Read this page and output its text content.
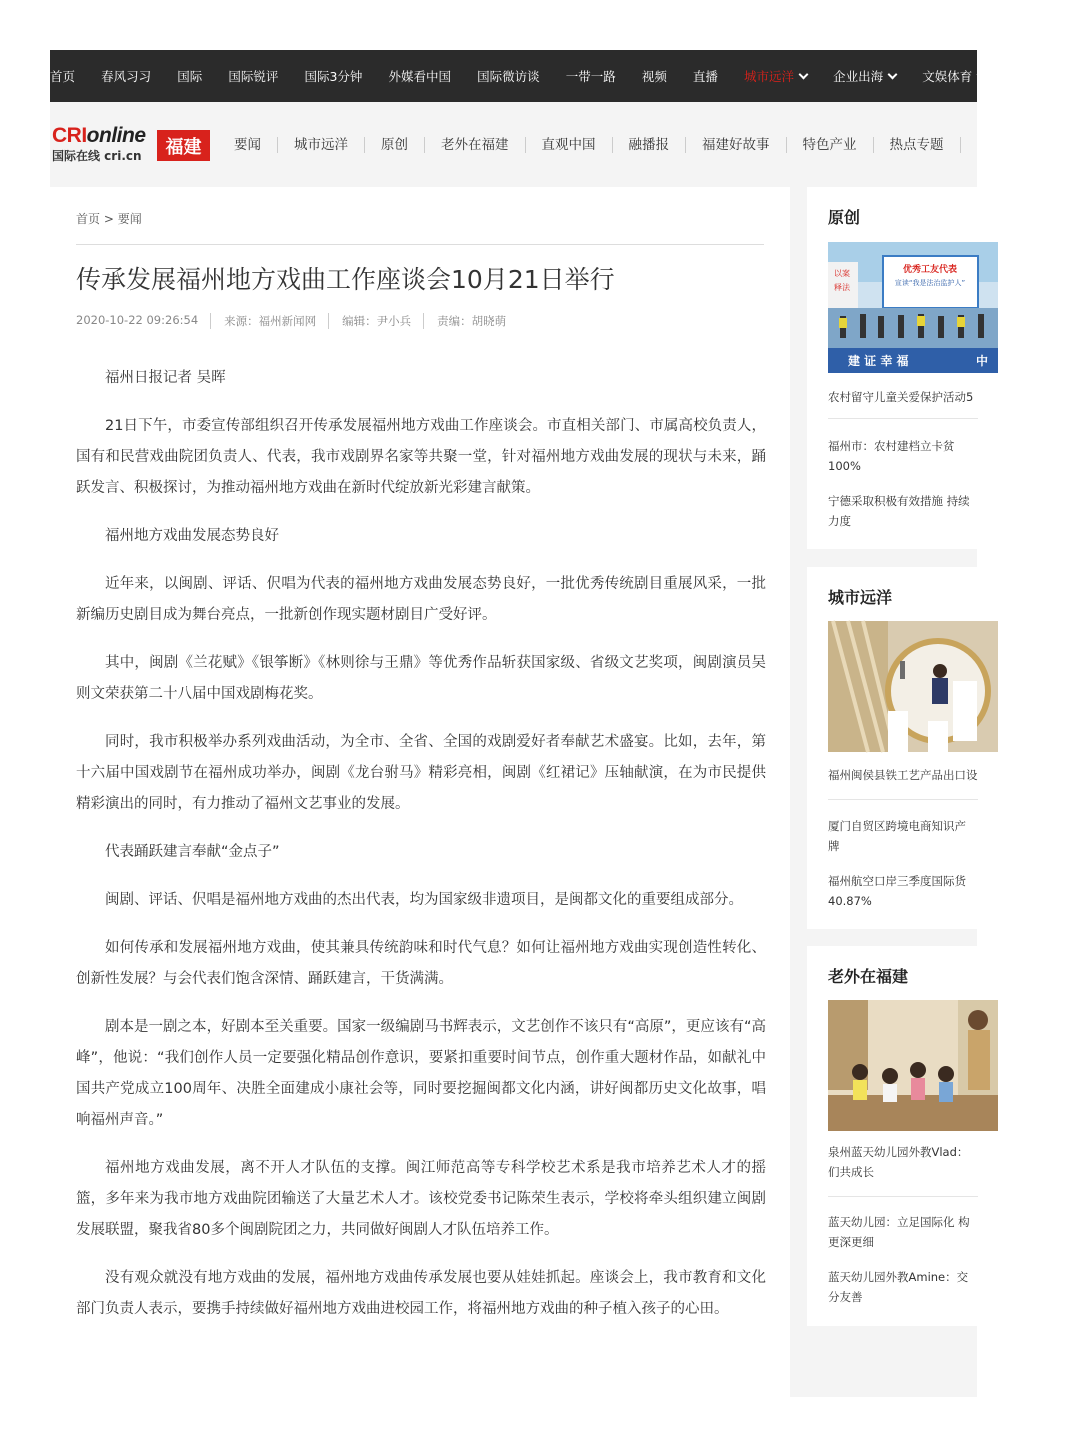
首页 春风习习 国际 国际锐评 国际3分钟 外媒看中国 国际微访谈 一带一路 视频 直播 城市远洋
	企业出海
	文娱体育
	语言
CRIonline
国际在线 cri.cn	福建	要闻	城市远洋	原创	老外在福建	直观中国	融播报	福建好故事	特色产业	热点专题
首页 > 要闻
传承发展福州地方戏曲工作座谈会10月21日举行
2020-10-22 09:26:54	来源：福州新闻网	编辑：尹小兵	责编：胡晓萌

福州日报记者 吴晖

21日下午，市委宣传部组织召开传承发展福州地方戏曲工作座谈会。市直相关部门、市属高校负责人，国有和民营戏曲院团负责人、代表，我市戏剧界名家等共聚一堂，针对福州地方戏曲发展的现状与未来，踊跃发言、积极探讨，为推动福州地方戏曲在新时代绽放新光彩建言献策。

福州地方戏曲发展态势良好

近年来，以闽剧、评话、伬唱为代表的福州地方戏曲发展态势良好，一批优秀传统剧目重展风采，一批新编历史剧目成为舞台亮点，一批新创作现实题材剧目广受好评。

其中，闽剧《兰花赋》《银筝断》《林则徐与王鼎》等优秀作品斩获国家级、省级文艺奖项，闽剧演员吴则文荣获第二十八届中国戏剧梅花奖。

同时，我市积极举办系列戏曲活动，为全市、全省、全国的戏剧爱好者奉献艺术盛宴。比如，去年，第十六届中国戏剧节在福州成功举办，闽剧《龙台驸马》精彩亮相，闽剧《红裙记》压轴献演，在为市民提供精彩演出的同时，有力推动了福州文艺事业的发展。

代表踊跃建言奉献“金点子”

闽剧、评话、伬唱是福州地方戏曲的杰出代表，均为国家级非遗项目，是闽都文化的重要组成部分。

如何传承和发展福州地方戏曲，使其兼具传统韵味和时代气息？如何让福州地方戏曲实现创造性转化、创新性发展？与会代表们饱含深情、踊跃建言，干货满满。

剧本是一剧之本，好剧本至关重要。国家一级编剧马书辉表示，文艺创作不该只有“高原”，更应该有“高峰”，他说：“我们创作人员一定要强化精品创作意识，要紧扣重要时间节点，创作重大题材作品，如献礼中国共产党成立100周年、决胜全面建成小康社会等，同时要挖掘闽都文化内涵，讲好闽都历史文化故事，唱响福州声音。”

福州地方戏曲发展，离不开人才队伍的支撑。闽江师范高等专科学校艺术系是我市培养艺术人才的摇篮，多年来为我市地方戏曲院团输送了大量艺术人才。该校党委书记陈荣生表示，学校将牵头组织建立闽剧发展联盟，聚我省80多个闽剧院团之力，共同做好闽剧人才队伍培养工作。

没有观众就没有地方戏曲的发展，福州地方戏曲传承发展也要从娃娃抓起。座谈会上，我市教育和文化部门负责人表示，要携手持续做好福州地方戏曲进校园工作，将福州地方戏曲的种子植入孩子的心田。

原创
优秀工友代表
宣读“我是法治监护人”
以案
释法
建 证 幸 福	中
农村留守儿童关爱保护活动5
福州市：农村建档立卡贫
100%
宁德采取积极有效措施 持续
力度
城市远洋
福州闽侯县铁工艺产品出口设
厦门自贸区跨境电商知识产
牌
福州航空口岸三季度国际货
40.87%
老外在福建
泉州蓝天幼儿园外教Vlad：
们共成长
蓝天幼儿园：立足国际化 构
更深更细
蓝天幼儿园外教Amine：交
分友善
